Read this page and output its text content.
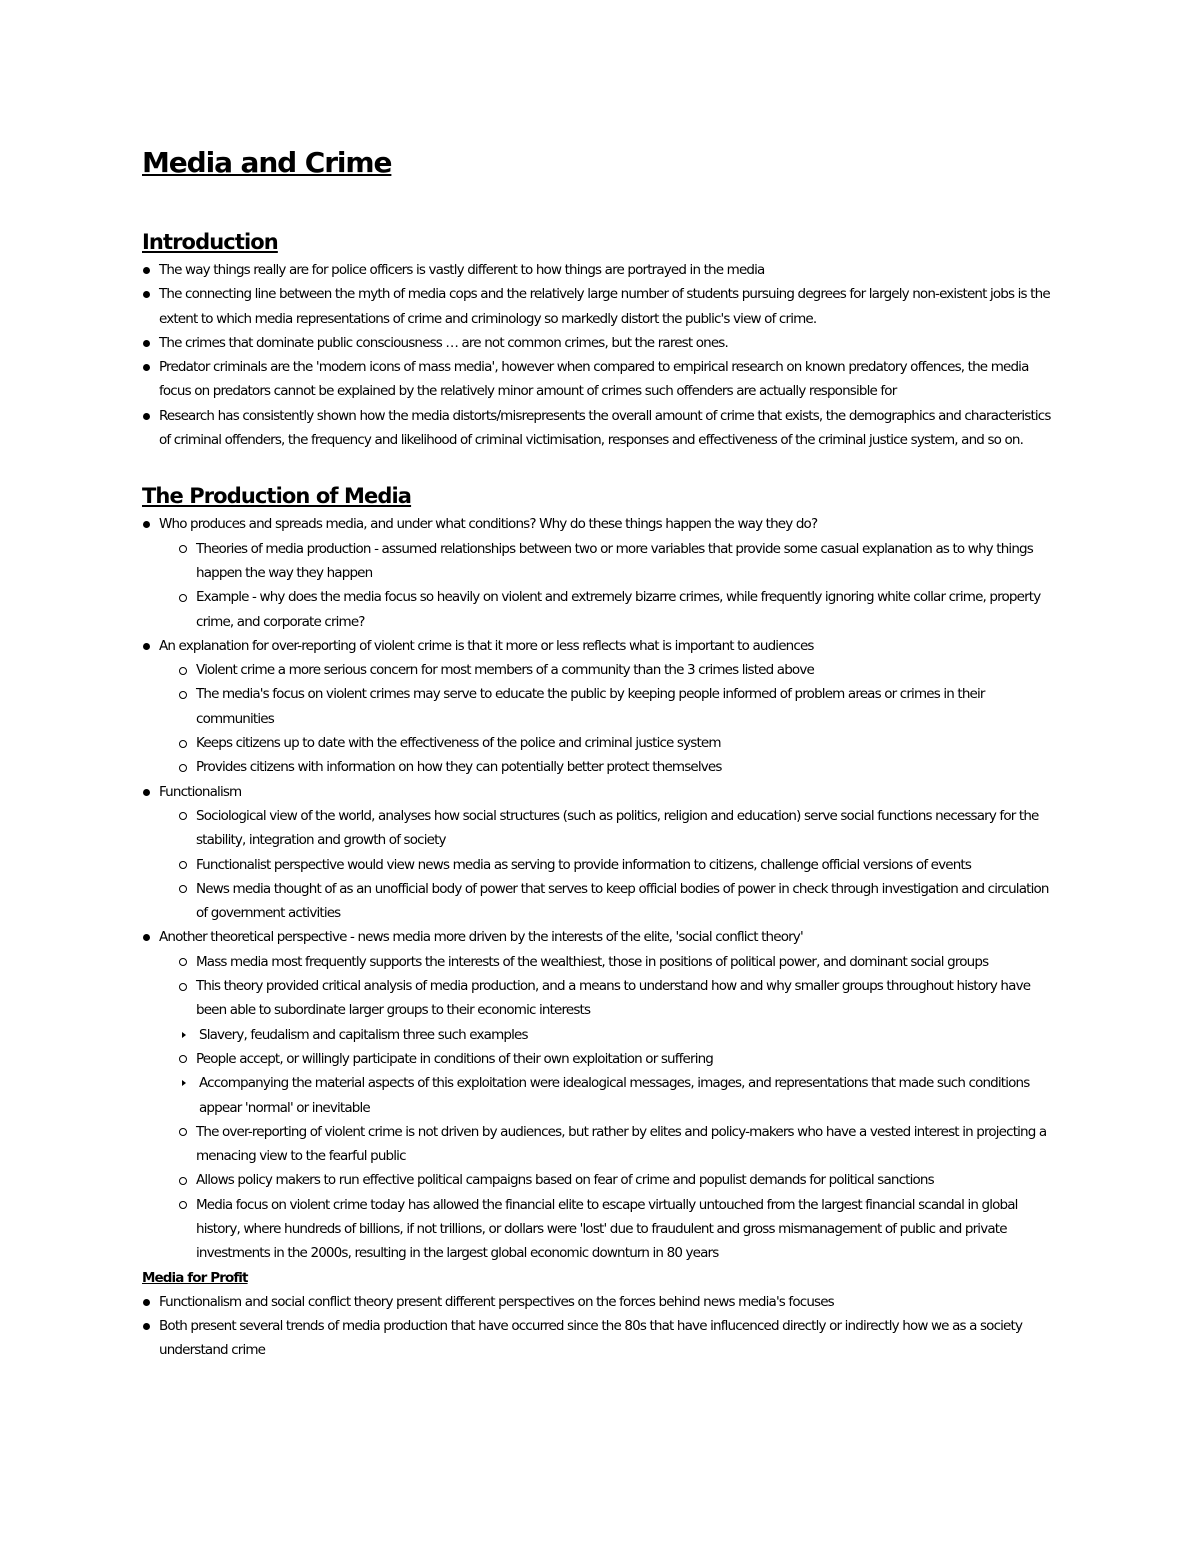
Media and Crime
Introduction
The way things really are for police officers is vastly different to how things are portrayed in the media
The connecting line between the myth of media cops and the relatively large number of students pursuing degrees for largely non-existent jobs is the extent to which media representations of crime and criminology so markedly distort the public's view of crime.
The crimes that dominate public consciousness … are not common crimes, but the rarest ones.
Predator criminals are the 'modern icons of mass media', however when compared to empirical research on known predatory offences, the media focus on predators cannot be explained by the relatively minor amount of crimes such offenders are actually responsible for
Research has consistently shown how the media distorts/misrepresents the overall amount of crime that exists, the demographics and characteristics of criminal offenders, the frequency and likelihood of criminal victimisation, responses and effectiveness of the criminal justice system, and so on.
The Production of Media
Who produces and spreads media, and under what conditions? Why do these things happen the way they do?
Theories of media production - assumed relationships between two or more variables that provide some casual explanation as to why things happen the way they happen
Example - why does the media focus so heavily on violent and extremely bizarre crimes, while frequently ignoring white collar crime, property crime, and corporate crime?
An explanation for over-reporting of violent crime is that it more or less reflects what is important to audiences
Violent crime a more serious concern for most members of a community than the 3 crimes listed above
The media's focus on violent crimes may serve to educate the public by keeping people informed of problem areas or crimes in their communities
Keeps citizens up to date with the effectiveness of the police and criminal justice system
Provides citizens with information on how they can potentially better protect themselves
Functionalism
Sociological view of the world, analyses how social structures (such as politics, religion and education) serve social functions necessary for the stability, integration and growth of society
Functionalist perspective would view news media as serving to provide information to citizens, challenge official versions of events
News media thought of as an unofficial body of power that serves to keep official bodies of power in check through investigation and circulation of government activities
Another theoretical perspective - news media more driven by the interests of the elite, 'social conflict theory'
Mass media most frequently supports the interests of the wealthiest, those in positions of political power, and dominant social groups
This theory provided critical analysis of media production, and a means to understand how and why smaller groups throughout history have been able to subordinate larger groups to their economic interests
Slavery, feudalism and capitalism three such examples
People accept, or willingly participate in conditions of their own exploitation or suffering
Accompanying the material aspects of this exploitation were idealogical messages, images, and representations that made such conditions appear 'normal' or inevitable
The over-reporting of violent crime is not driven by audiences, but rather by elites and policy-makers who have a vested interest in projecting a menacing view to the fearful public
Allows policy makers to run effective political campaigns based on fear of crime and populist demands for political sanctions
Media focus on violent crime today has allowed the financial elite to escape virtually untouched from the largest financial scandal in global history, where hundreds of billions, if not trillions, or dollars were 'lost' due to fraudulent and gross mismanagement of public and private investments in the 2000s, resulting in the largest global economic downturn in 80 years
Media for Profit
Functionalism and social conflict theory present different perspectives on the forces behind news media's focuses
Both present several trends of media production that have occurred since the 80s that have influcenced directly or indirectly how we as a society understand crime
